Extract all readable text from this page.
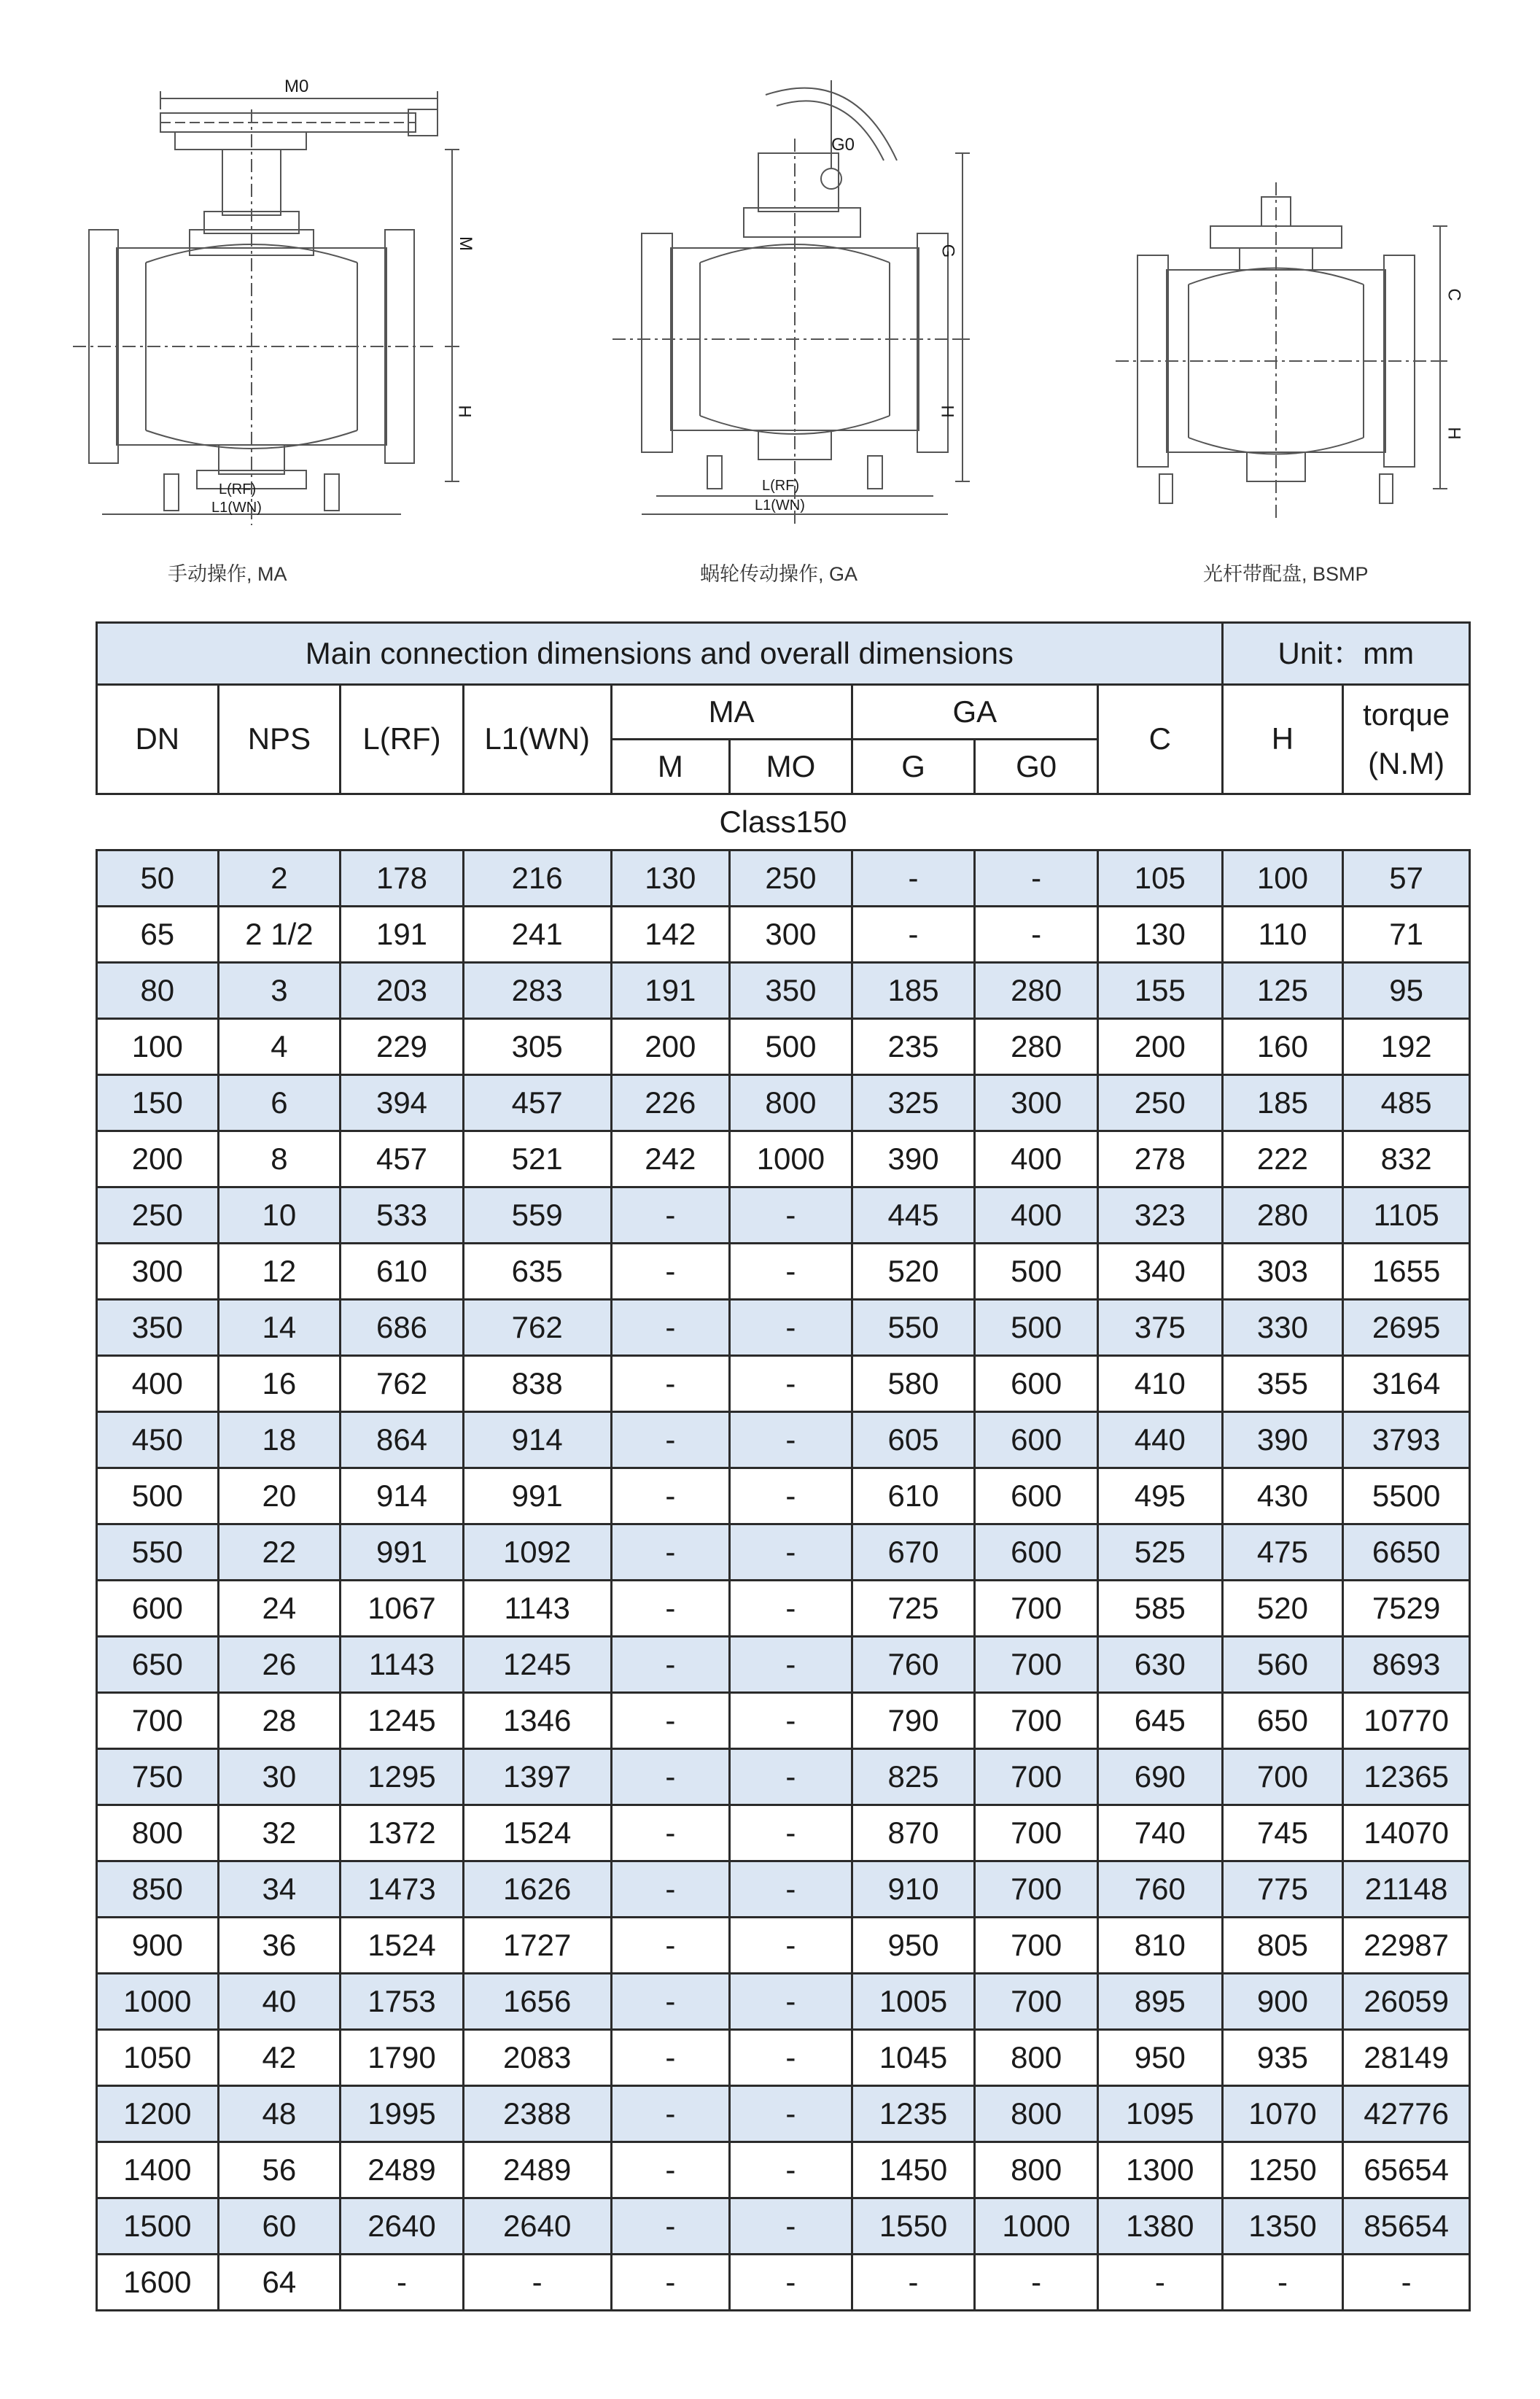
M0
M
H
L(RF)
L1(WN)
手动操作, MA
G0
G
H
L(RF)
L1(WN)
蜗轮传动操作, GA
C
H
光杆带配盘, BSMP
Main connection dimensions and overall dimensions									Unit：mm	
DN	NPS	L(RF)	L1(WN)	MA		GA		C	H	torque
(N.M)

				M	MO	G	G0			
Class150										
50	2	178	216	130	250	-	-	105	100	57
65	2 1/2	191	241	142	300	-	-	130	110	71
80	3	203	283	191	350	185	280	155	125	95
100	4	229	305	200	500	235	280	200	160	192
150	6	394	457	226	800	325	300	250	185	485
200	8	457	521	242	1000	390	400	278	222	832
250	10	533	559	-	-	445	400	323	280	1105
300	12	610	635	-	-	520	500	340	303	1655
350	14	686	762	-	-	550	500	375	330	2695
400	16	762	838	-	-	580	600	410	355	3164
450	18	864	914	-	-	605	600	440	390	3793
500	20	914	991	-	-	610	600	495	430	5500
550	22	991	1092	-	-	670	600	525	475	6650
600	24	1067	1143	-	-	725	700	585	520	7529
650	26	1143	1245	-	-	760	700	630	560	8693
700	28	1245	1346	-	-	790	700	645	650	10770
750	30	1295	1397	-	-	825	700	690	700	12365
800	32	1372	1524	-	-	870	700	740	745	14070
850	34	1473	1626	-	-	910	700	760	775	21148
900	36	1524	1727	-	-	950	700	810	805	22987
1000	40	1753	1656	-	-	1005	700	895	900	26059
1050	42	1790	2083	-	-	1045	800	950	935	28149
1200	48	1995	2388	-	-	1235	800	1095	1070	42776
1400	56	2489	2489	-	-	1450	800	1300	1250	65654
1500	60	2640	2640	-	-	1550	1000	1380	1350	85654
1600	64	-	-	-	-	-	-	-	-	-
